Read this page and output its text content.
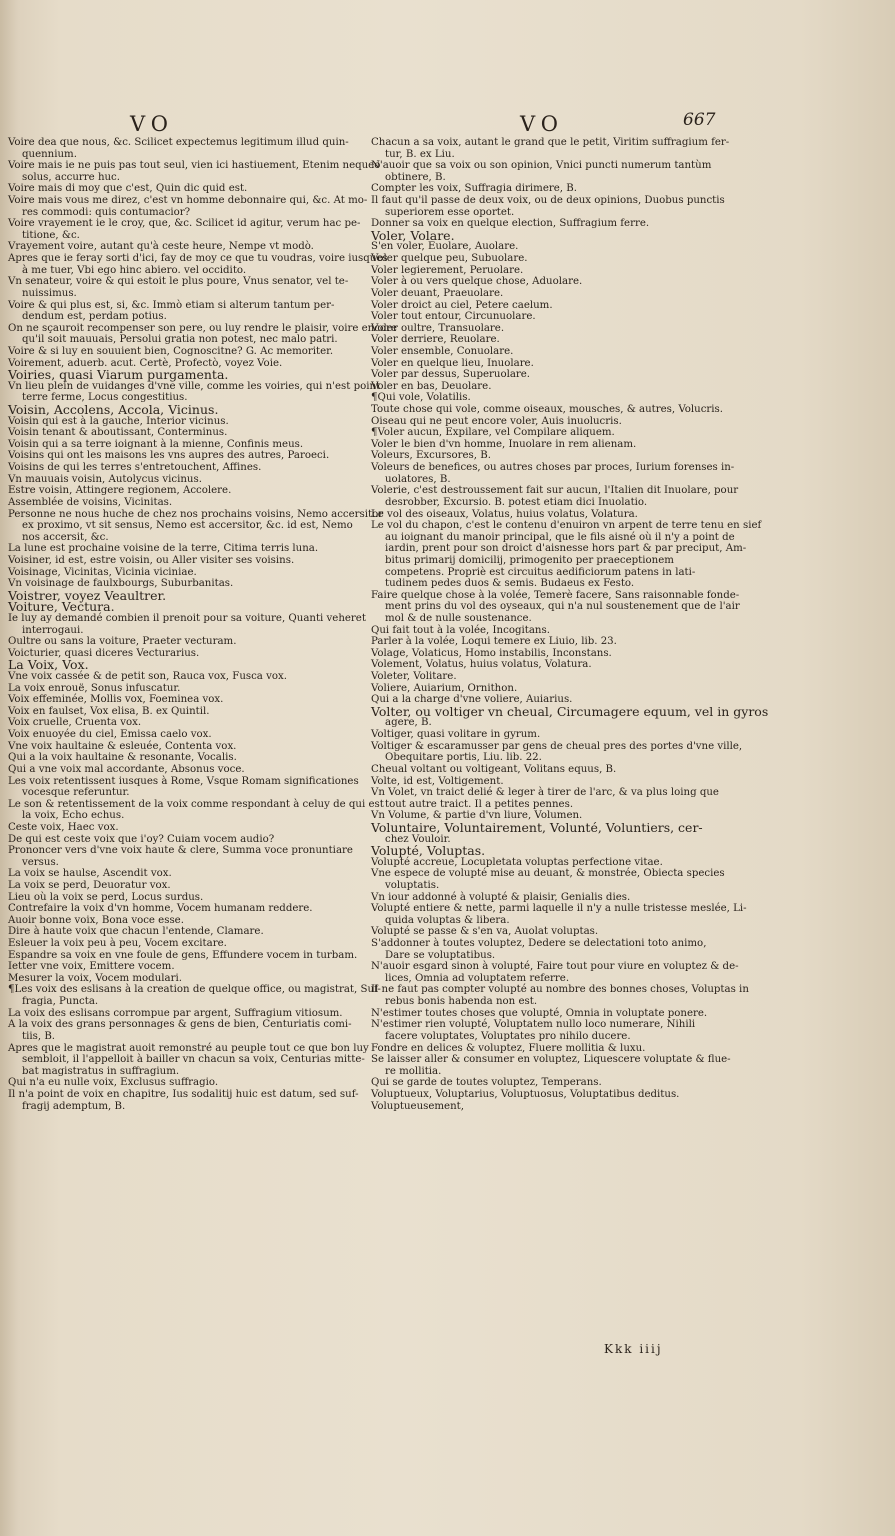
VO	VO	667
Voire dea que nous, &c. Scilicet expectemus legitimum illud quin-
quennium.
Voire mais ie ne puis pas tout seul, vien ici hastiuement, Etenim nequeo
solus, accurre huc.
Voire mais di moy que c'est, Quin dic quid est.
Voire mais vous me direz, c'est vn homme debonnaire qui, &c. At mo-
res commodi: quis contumacior?
Voire vrayement ie le croy, que, &c. Scilicet id agitur, verum hac pe-
titione, &c.
Vrayement voire, autant qu'à ceste heure, Nempe vt modò.
Apres que ie feray sorti d'ici, fay de moy ce que tu voudras, voire iusques
à me tuer, Vbi ego hinc abiero. vel occidito.
Vn senateur, voire & qui estoit le plus poure, Vnus senator, vel te-
nuissimus.
Voire & qui plus est, si, &c. Immò etiam si alterum tantum per-
dendum est, perdam potius.
On ne sçauroit recompenser son pere, ou luy rendre le plaisir, voire encore
qu'il soit mauuais, Persolui gratia non potest, nec malo patri.
Voire & si luy en souuient bien, Cognoscitne? G. Ac memoriter.
Voirement, aduerb. acut. Certè, Profectò, voyez Voie.
Voiries, quasi Viarum purgamenta.
Vn lieu plein de vuidanges d'vne ville, comme les voiries, qui n'est point
terre ferme, Locus congestitius.
Voisin, Accolens, Accola, Vicinus.
Voisin qui est à la gauche, Interior vicinus.
Voisin tenant & aboutissant, Conterminus.
Voisin qui a sa terre ioignant à la mienne, Confinis meus.
Voisins qui ont les maisons les vns aupres des autres, Paroeci.
Voisins de qui les terres s'entretouchent, Affines.
Vn mauuais voisin, Autolycus vicinus.
Estre voisin, Attingere regionem, Accolere.
Assemblée de voisins, Vicinitas.
Personne ne nous huche de chez nos prochains voisins, Nemo accersitor
ex proximo, vt sit sensus, Nemo est accersitor, &c. id est, Nemo
nos accersit, &c.
La lune est prochaine voisine de la terre, Citima terris luna.
Voisiner, id est, estre voisin, ou Aller visiter ses voisins.
Voisinage, Vicinitas, Vicinia viciniae.
Vn voisinage de faulxbourgs, Suburbanitas.
Voistrer, voyez Veaultrer.
Voiture, Vectura.
Ie luy ay demandé combien il prenoit pour sa voiture, Quanti veheret
interrogaui.
Oultre ou sans la voiture, Praeter vecturam.
Voicturier, quasi diceres Vecturarius.
La Voix, Vox.
Vne voix cassée & de petit son, Rauca vox, Fusca vox.
La voix enrouë, Sonus infuscatur.
Voix effeminée, Mollis vox, Foeminea vox.
Voix en faulset, Vox elisa, B. ex Quintil.
Voix cruelle, Cruenta vox.
Voix enuoyée du ciel, Emissa caelo vox.
Vne voix haultaine & esleuée, Contenta vox.
Qui a la voix haultaine & resonante, Vocalis.
Qui a vne voix mal accordante, Absonus voce.
Les voix retentissent iusques à Rome, Vsque Romam significationes
vocesque referuntur.
Le son & retentissement de la voix comme respondant à celuy de qui est
la voix, Echo echus.
Ceste voix, Haec vox.
De qui est ceste voix que i'oy? Cuiam vocem audio?
Prononcer vers d'vne voix haute & clere, Summa voce pronuntiare
versus.
La voix se haulse, Ascendit vox.
La voix se perd, Deuoratur vox.
Lieu où la voix se perd, Locus surdus.
Contrefaire la voix d'vn homme, Vocem humanam reddere.
Auoir bonne voix, Bona voce esse.
Dire à haute voix que chacun l'entende, Clamare.
Esleuer la voix peu à peu, Vocem excitare.
Espandre sa voix en vne foule de gens, Effundere vocem in turbam.
Ietter vne voix, Emittere vocem.
Mesurer la voix, Vocem modulari.
¶Les voix des eslisans à la creation de quelque office, ou magistrat, Suf-
fragia, Puncta.
La voix des eslisans corrompue par argent, Suffragium vitiosum.
A la voix des grans personnages & gens de bien, Centuriatis comi-
tiis, B.
Apres que le magistrat auoit remonstré au peuple tout ce que bon luy
sembloit, il l'appelloit à bailler vn chacun sa voix, Centurias mitte-
bat magistratus in suffragium.
Qui n'a eu nulle voix, Exclusus suffragio.
Il n'a point de voix en chapitre, Ius sodalitij huic est datum, sed suf-
fragij ademptum, B.
Chacun a sa voix, autant le grand que le petit, Viritim suffragium fer-
tur, B. ex Liu.
N'auoir que sa voix ou son opinion, Vnici puncti numerum tantùm
obtinere, B.
Compter les voix, Suffragia dirimere, B.
Il faut qu'il passe de deux voix, ou de deux opinions, Duobus punctis
superiorem esse oportet.
Donner sa voix en quelque election, Suffragium ferre.
Voler, Volare.
S'en voler, Euolare, Auolare.
Voler quelque peu, Subuolare.
Voler legierement, Peruolare.
Voler à ou vers quelque chose, Aduolare.
Voler deuant, Praeuolare.
Voler droict au ciel, Petere caelum.
Voler tout entour, Circunuolare.
Voler oultre, Transuolare.
Voler derriere, Reuolare.
Voler ensemble, Conuolare.
Voler en quelque lieu, Inuolare.
Voler par dessus, Superuolare.
Voler en bas, Deuolare.
¶Qui vole, Volatilis.
Toute chose qui vole, comme oiseaux, mousches, & autres, Volucris.
Oiseau qui ne peut encore voler, Auis inuolucris.
¶Voler aucun, Expilare, vel Compilare aliquem.
Voler le bien d'vn homme, Inuolare in rem alienam.
Voleurs, Excursores, B.
Voleurs de benefices, ou autres choses par proces, Iurium forenses in-
uolatores, B.
Volerie, c'est destroussement fait sur aucun, l'Italien dit Inuolare, pour
desrobber, Excursio. B. potest etiam dici Inuolatio.
Le vol des oiseaux, Volatus, huius volatus, Volatura.
Le vol du chapon, c'est le contenu d'enuiron vn arpent de terre tenu en sief
au ioignant du manoir principal, que le fils aisné où il n'y a point de
iardin, prent pour son droict d'aisnesse hors part & par preciput, Am-
bitus primarij domicilij, primogenito per praeceptionem
competens. Propriè est circuitus aedificiorum patens in lati-
tudinem pedes duos & semis. Budaeus ex Festo.
Faire quelque chose à la volée, Temerè facere, Sans raisonnable fonde-
ment prins du vol des oyseaux, qui n'a nul soustenement que de l'air
mol & de nulle soustenance.
Qui fait tout à la volée, Incogitans.
Parler à la volée, Loqui temere ex Liuio, lib. 23.
Volage, Volaticus, Homo instabilis, Inconstans.
Volement, Volatus, huius volatus, Volatura.
Voleter, Volitare.
Voliere, Auiarium, Ornithon.
Qui a la charge d'vne voliere, Auiarius.
Volter, ou voltiger vn cheual, Circumagere equum, vel in gyros
agere, B.
Voltiger, quasi volitare in gyrum.
Voltiger & escaramusser par gens de cheual pres des portes d'vne ville,
Obequitare portis, Liu. lib. 22.
Cheual voltant ou voltigeant, Volitans equus, B.
Volte, id est, Voltigement.
Vn Volet, vn traict delié & leger à tirer de l'arc, & va plus loing que
tout autre traict. Il a petites pennes.
Vn Volume, & partie d'vn liure, Volumen.
Voluntaire, Voluntairement, Volunté, Voluntiers, cer-
chez Vouloir.
Volupté, Voluptas.
Volupté accreue, Locupletata voluptas perfectione vitae.
Vne espece de volupté mise au deuant, & monstrée, Obiecta species
voluptatis.
Vn iour addonné à volupté & plaisir, Genialis dies.
Volupté entiere & nette, parmi laquelle il n'y a nulle tristesse meslée, Li-
quida voluptas & libera.
Volupté se passe & s'en va, Auolat voluptas.
S'addonner à toutes voluptez, Dedere se delectationi toto animo,
Dare se voluptatibus.
N'auoir esgard sinon à volupté, Faire tout pour viure en voluptez & de-
lices, Omnia ad voluptatem referre.
Il ne faut pas compter volupté au nombre des bonnes choses, Voluptas in
rebus bonis habenda non est.
N'estimer toutes choses que volupté, Omnia in voluptate ponere.
N'estimer rien volupté, Voluptatem nullo loco numerare, Nihili
facere voluptates, Voluptates pro nihilo ducere.
Fondre en delices & voluptez, Fluere mollitia & luxu.
Se laisser aller & consumer en voluptez, Liquescere voluptate & flue-
re mollitia.
Qui se garde de toutes voluptez, Temperans.
Voluptueux, Voluptarius, Voluptuosus, Voluptatibus deditus.
Voluptueusement,
Kkk iiij
